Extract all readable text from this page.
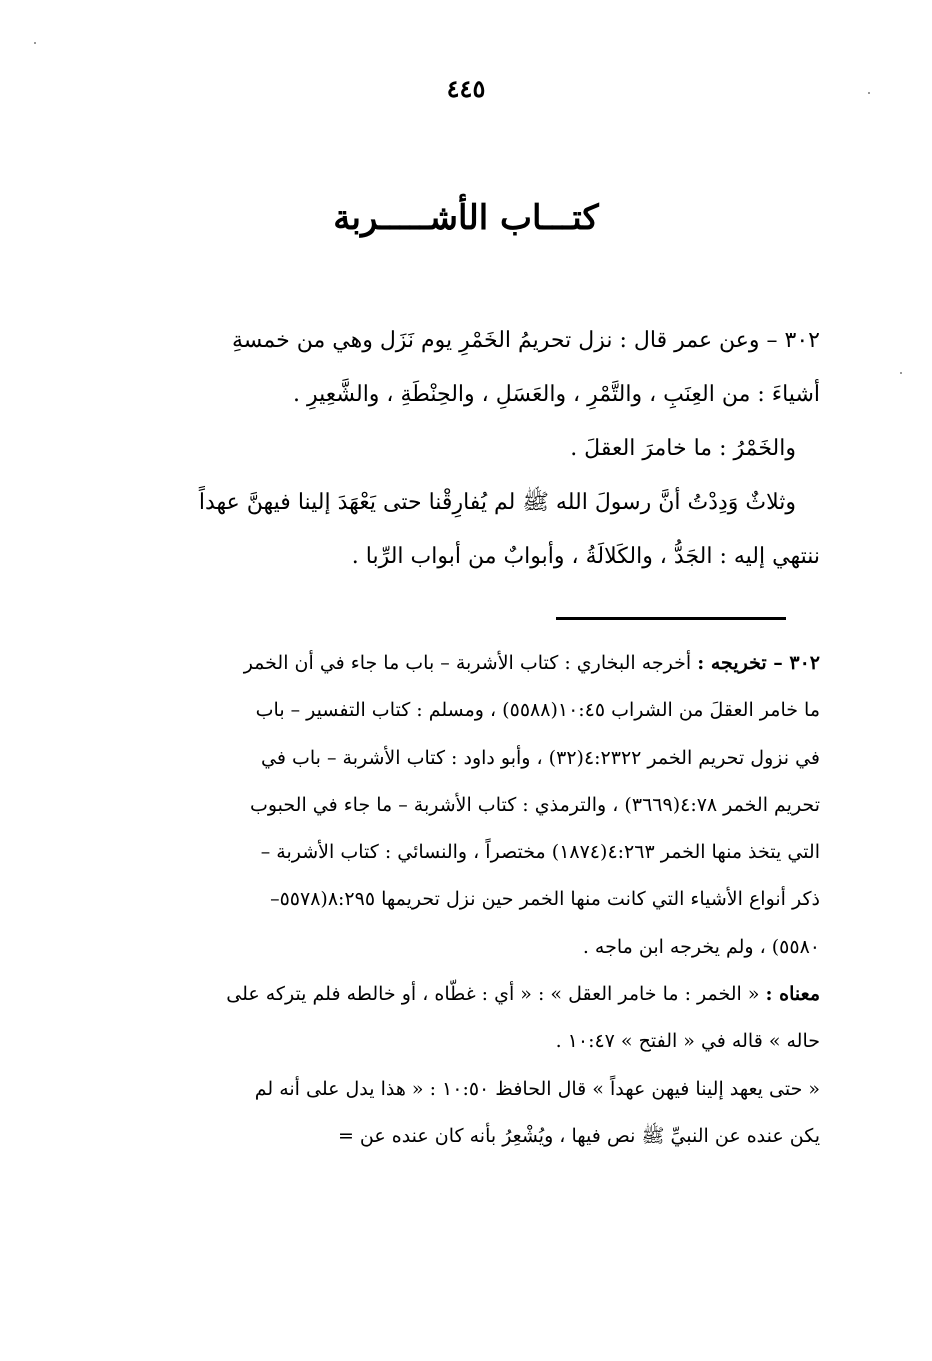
٤٤٥
كتـــاب الأشـــــربة

٣٠٢ – وعن عمر قال : نزل تحريمُ الخَمْرِ يوم نَزَل وهي من خمسةِ

أشياءَ : من العِنَبِ ، والتَّمْرِ ، والعَسَلِ ، والحِنْطَةِ ، والشَّعِيرِ .

والخَمْرُ : ما خامرَ العقلَ .

وثلاثٌ وَدِدْتُ أنَّ رسولَ الله ﷺ لم يُفارِقْنا حتى يَعْهَدَ إلينا فيهنَّ عهداً

ننتهي إليه : الجَدُّ ، والكَلالَةُ ، وأبوابٌ من أبواب الرِّبا .

٣٠٢ – تخريجه : أخرجه البخاري : كتاب الأشربة – باب ما جاء في أن الخمر

ما خامر العقلَ من الشراب ١٠:٤٥(٥٥٨٨) ، ومسلم : كتاب التفسير – باب

في نزول تحريم الخمر ٤:٢٣٢٢(٣٢) ، وأبو داود : كتاب الأشربة – باب في

تحريم الخمر ٤:٧٨(٣٦٦٩) ، والترمذي : كتاب الأشربة – ما جاء في الحبوب

التي يتخذ منها الخمر ٤:٢٦٣(١٨٧٤) مختصراً ، والنسائي : كتاب الأشربة –

ذكر أنواع الأشياء التي كانت منها الخمر حين نزل تحريمها ٨:٢٩٥(٥٥٧٨–

٥٥٨٠) ، ولم يخرجه ابن ماجه .

معناه : « الخمر : ما خامر العقل » : « أي : غطّاه ، أو خالطه فلم يتركه على

حاله » قاله في « الفتح » ١٠:٤٧ .

« حتى يعهد إلينا فيهن عهداً » قال الحافظ ١٠:٥٠ : « هذا يدل على أنه لم

يكن عنده عن النبيِّ ﷺ نص فيها ، ويُشْعِرُ بأنه كان عنده عن =
